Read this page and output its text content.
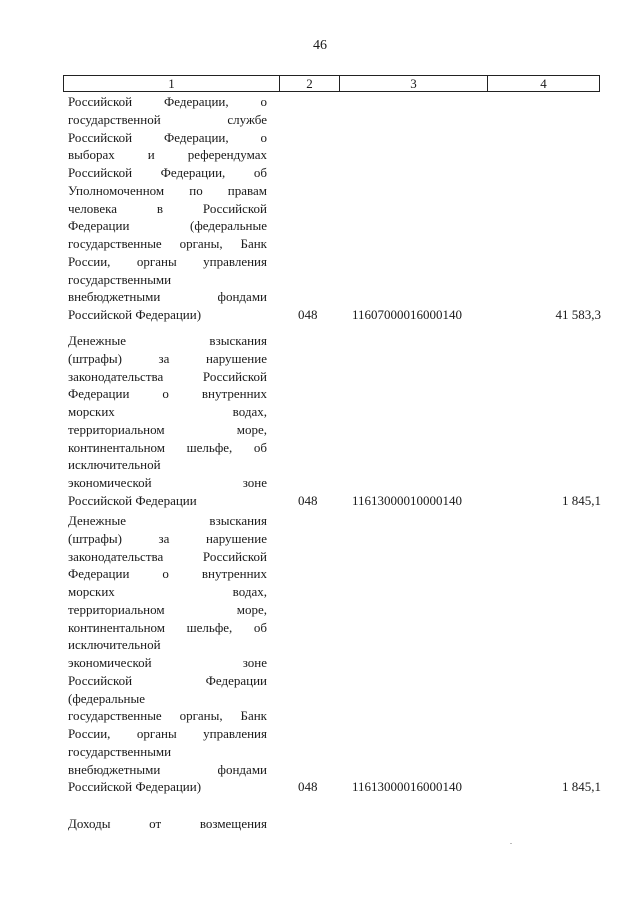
46
1	2	3	4
Российской Федерации, о
государственной службе
Российской Федерации, о
выборах и референдумах
Российской Федерации, об
Уполномоченном по правам
человека в Российской
Федерации (федеральные
государственные органы, Банк
России, органы управления
государственными
внебюджетными фондами
Российской Федерации)	048	11607000016000140	41 583,3
Денежные взыскания
(штрафы) за нарушение
законодательства Российской
Федерации о внутренних
морских водах,
территориальном море,
континентальном шельфе, об
исключительной
экономической зоне
Российской Федерации	048	11613000010000140	1 845,1
Денежные взыскания
(штрафы) за нарушение
законодательства Российской
Федерации о внутренних
морских водах,
территориальном море,
континентальном шельфе, об
исключительной
экономической зоне
Российской Федерации
(федеральные
государственные органы, Банк
России, органы управления
государственными
внебюджетными фондами
Российской Федерации)	048	11613000016000140	1 845,1
Доходы от возмещения
